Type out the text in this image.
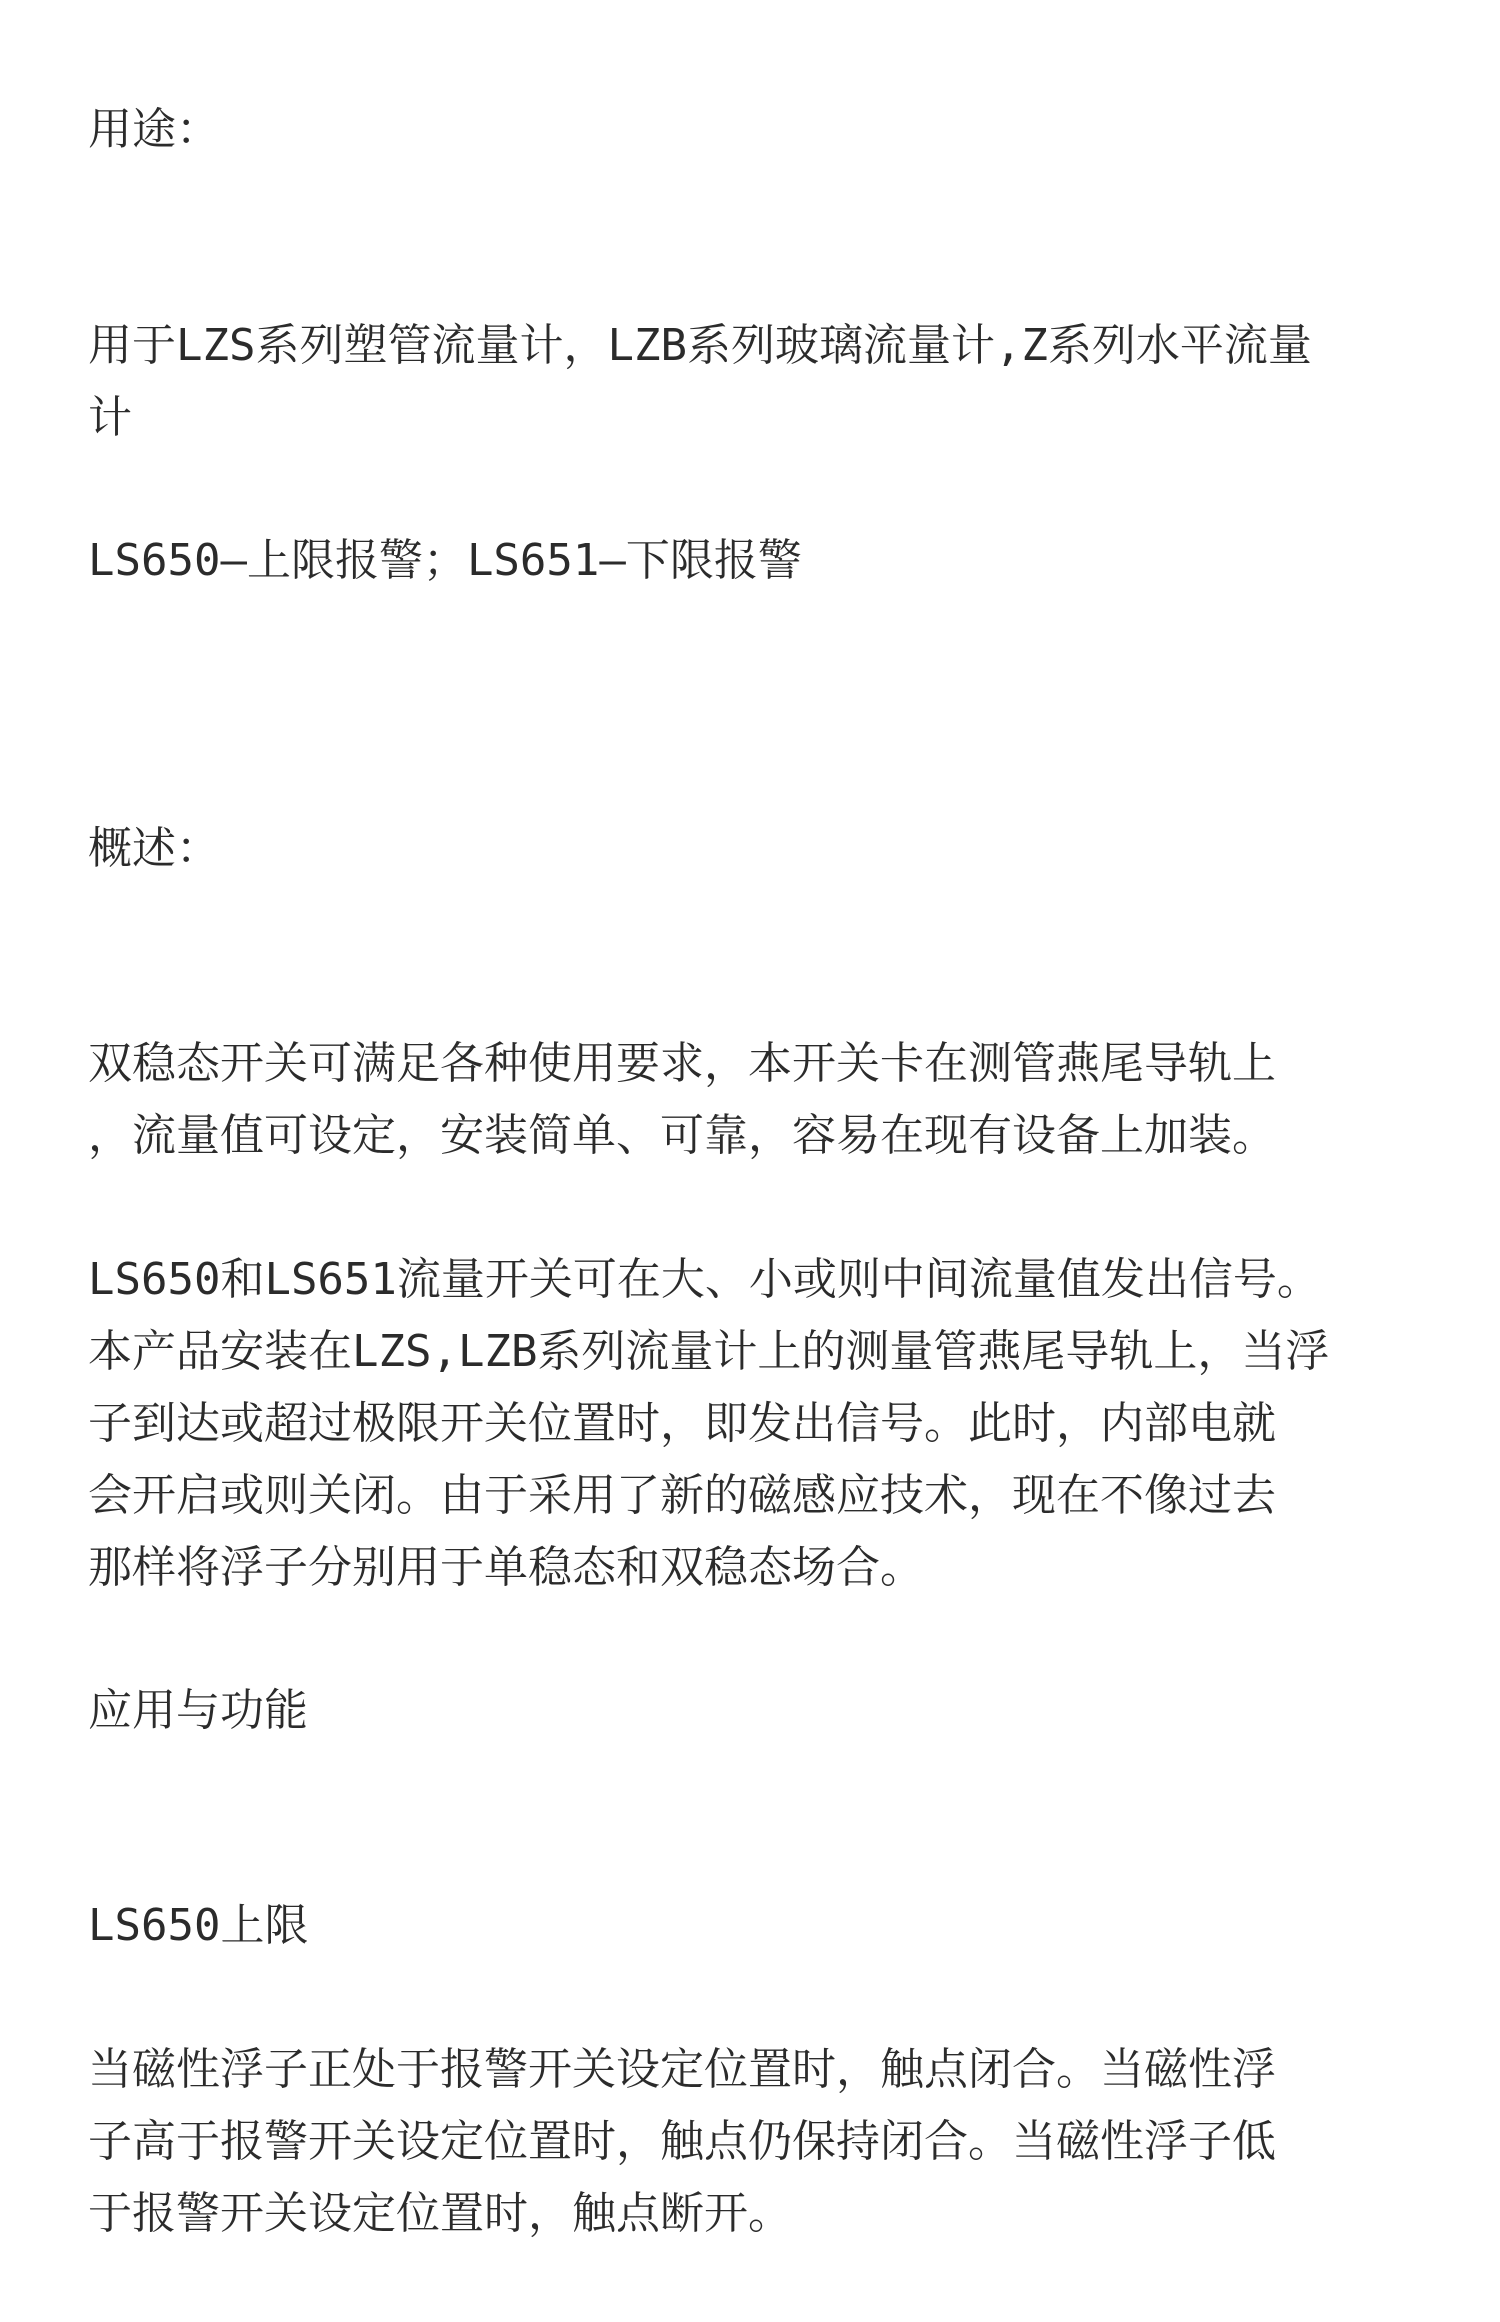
用途：

用于LZS系列塑管流量计，LZB系列玻璃流量计,Z系列水平流量
计

LS650—上限报警；LS651—下限报警

概述：

双稳态开关可满足各种使用要求，本开关卡在测管燕尾导轨上
，流量值可设定，安装简单、可靠，容易在现有设备上加装。

LS650和LS651流量开关可在大、小或则中间流量值发出信号。
本产品安装在LZS,LZB系列流量计上的测量管燕尾导轨上，当浮
子到达或超过极限开关位置时，即发出信号。此时，内部电就
会开启或则关闭。由于采用了新的磁感应技术，现在不像过去
那样将浮子分别用于单稳态和双稳态场合。

应用与功能

LS650上限

当磁性浮子正处于报警开关设定位置时，触点闭合。当磁性浮
子高于报警开关设定位置时，触点仍保持闭合。当磁性浮子低
于报警开关设定位置时，触点断开。
